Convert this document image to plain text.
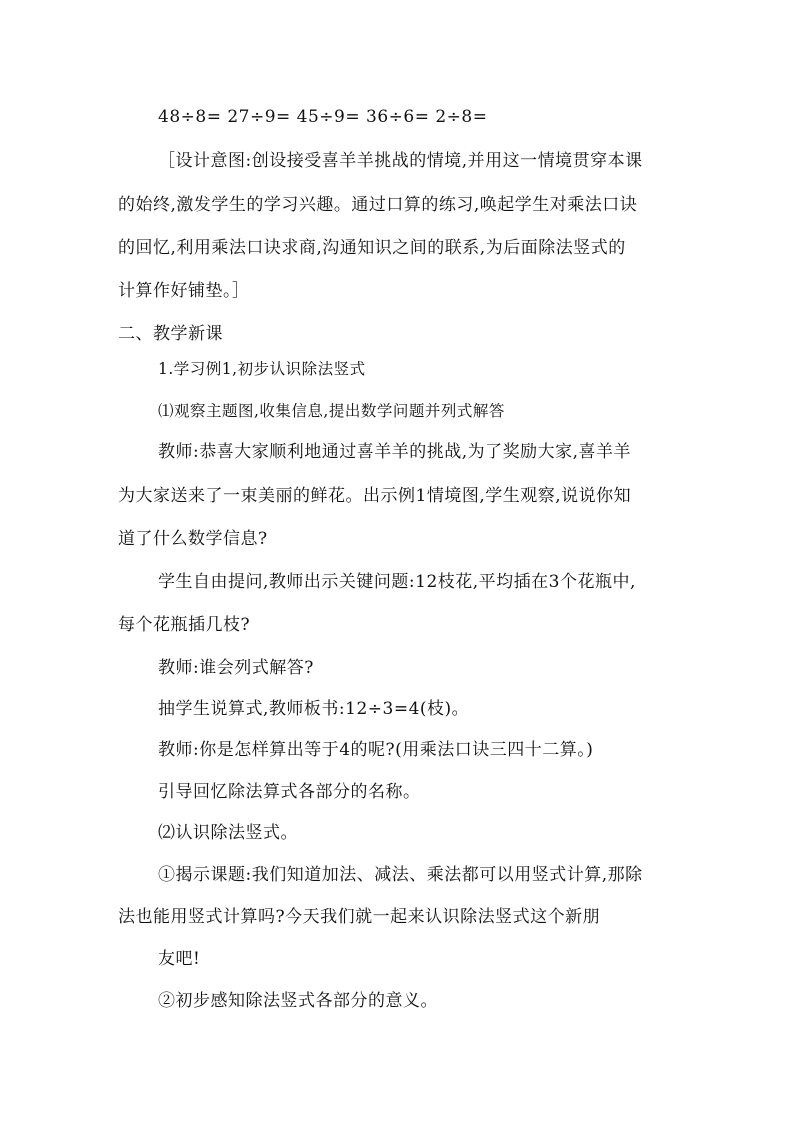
48÷8= 27÷9= 45÷9= 36÷6= 2÷8=
［设计意图:创设接受喜羊羊挑战的情境,并用这一情境贯穿本课
的始终,激发学生的学习兴趣。通过口算的练习,唤起学生对乘法口诀
的回忆,利用乘法口诀求商,沟通知识之间的联系,为后面除法竖式的
计算作好铺垫。］
二、教学新课
1.学习例1,初步认识除法竖式
⑴观察主题图,收集信息,提出数学问题并列式解答
教师:恭喜大家顺利地通过喜羊羊的挑战,为了奖励大家,喜羊羊
为大家送来了一束美丽的鲜花。出示例1情境图,学生观察,说说你知
道了什么数学信息?
学生自由提问,教师出示关键问题:12枝花,平均插在3个花瓶中,
每个花瓶插几枝?
教师:谁会列式解答?
抽学生说算式,教师板书:12÷3=4(枝)。
教师:你是怎样算出等于4的呢?(用乘法口诀三四十二算。)
引导回忆除法算式各部分的名称。
⑵认识除法竖式。
①揭示课题:我们知道加法、减法、乘法都可以用竖式计算,那除
法也能用竖式计算吗?今天我们就一起来认识除法竖式这个新朋
友吧!
②初步感知除法竖式各部分的意义。
